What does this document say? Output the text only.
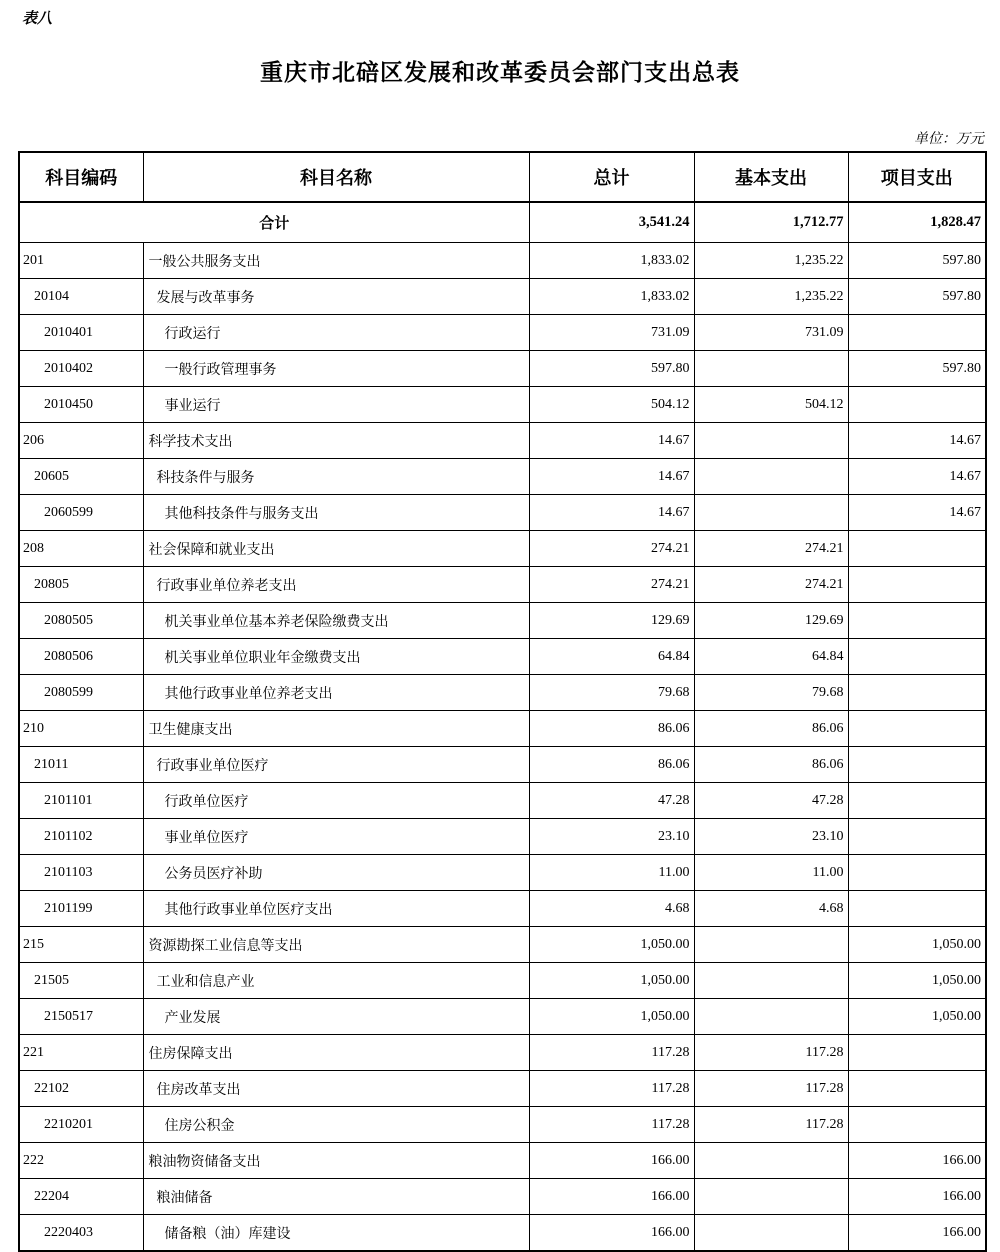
表八
重庆市北碚区发展和改革委员会部门支出总表
单位：万元
科目编码	科目名称	总计	基本支出	项目支出
合计		3,541.24	1,712.77	1,828.47
201	一般公共服务支出	1,833.02	1,235.22	597.80
20104	发展与改革事务	1,833.02	1,235.22	597.80
2010401	行政运行	731.09	731.09	
2010402	一般行政管理事务	597.80		597.80
2010450	事业运行	504.12	504.12	
206	科学技术支出	14.67		14.67
20605	科技条件与服务	14.67		14.67
2060599	其他科技条件与服务支出	14.67		14.67
208	社会保障和就业支出	274.21	274.21	
20805	行政事业单位养老支出	274.21	274.21	
2080505	机关事业单位基本养老保险缴费支出	129.69	129.69	
2080506	机关事业单位职业年金缴费支出	64.84	64.84	
2080599	其他行政事业单位养老支出	79.68	79.68	
210	卫生健康支出	86.06	86.06	
21011	行政事业单位医疗	86.06	86.06	
2101101	行政单位医疗	47.28	47.28	
2101102	事业单位医疗	23.10	23.10	
2101103	公务员医疗补助	11.00	11.00	
2101199	其他行政事业单位医疗支出	4.68	4.68	
215	资源勘探工业信息等支出	1,050.00		1,050.00
21505	工业和信息产业	1,050.00		1,050.00
2150517	产业发展	1,050.00		1,050.00
221	住房保障支出	117.28	117.28	
22102	住房改革支出	117.28	117.28	
2210201	住房公积金	117.28	117.28	
222	粮油物资储备支出	166.00		166.00
22204	粮油储备	166.00		166.00
2220403	储备粮（油）库建设	166.00		166.00
